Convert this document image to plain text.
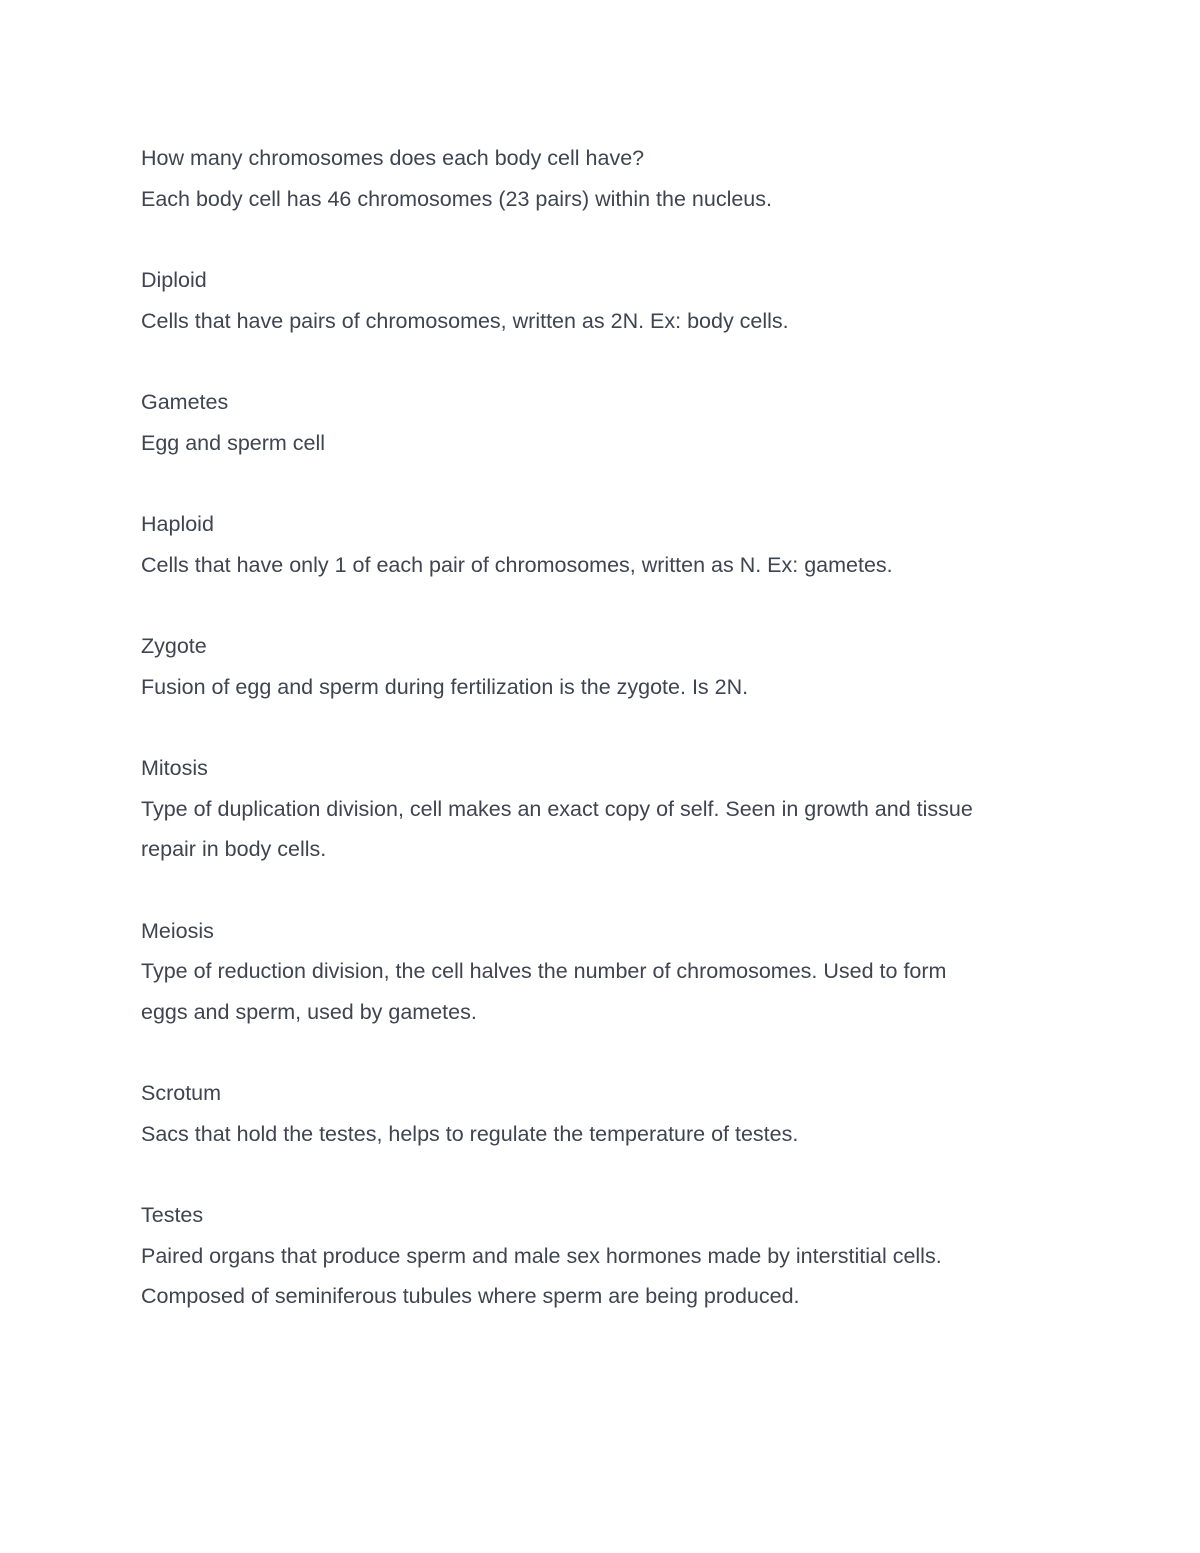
How many chromosomes does each body cell have?

Each body cell has 46 chromosomes (23 pairs) within the nucleus.

Diploid

Cells that have pairs of chromosomes, written as 2N. Ex: body cells.

Gametes

Egg and sperm cell

Haploid

Cells that have only 1 of each pair of chromosomes, written as N. Ex: gametes.

Zygote

Fusion of egg and sperm during fertilization is the zygote. Is 2N.

Mitosis

Type of duplication division, cell makes an exact copy of self. Seen in growth and tissue

repair in body cells.

Meiosis

Type of reduction division, the cell halves the number of chromosomes. Used to form

eggs and sperm, used by gametes.

Scrotum

Sacs that hold the testes, helps to regulate the temperature of testes.

Testes

Paired organs that produce sperm and male sex hormones made by interstitial cells.

Composed of seminiferous tubules where sperm are being produced.
